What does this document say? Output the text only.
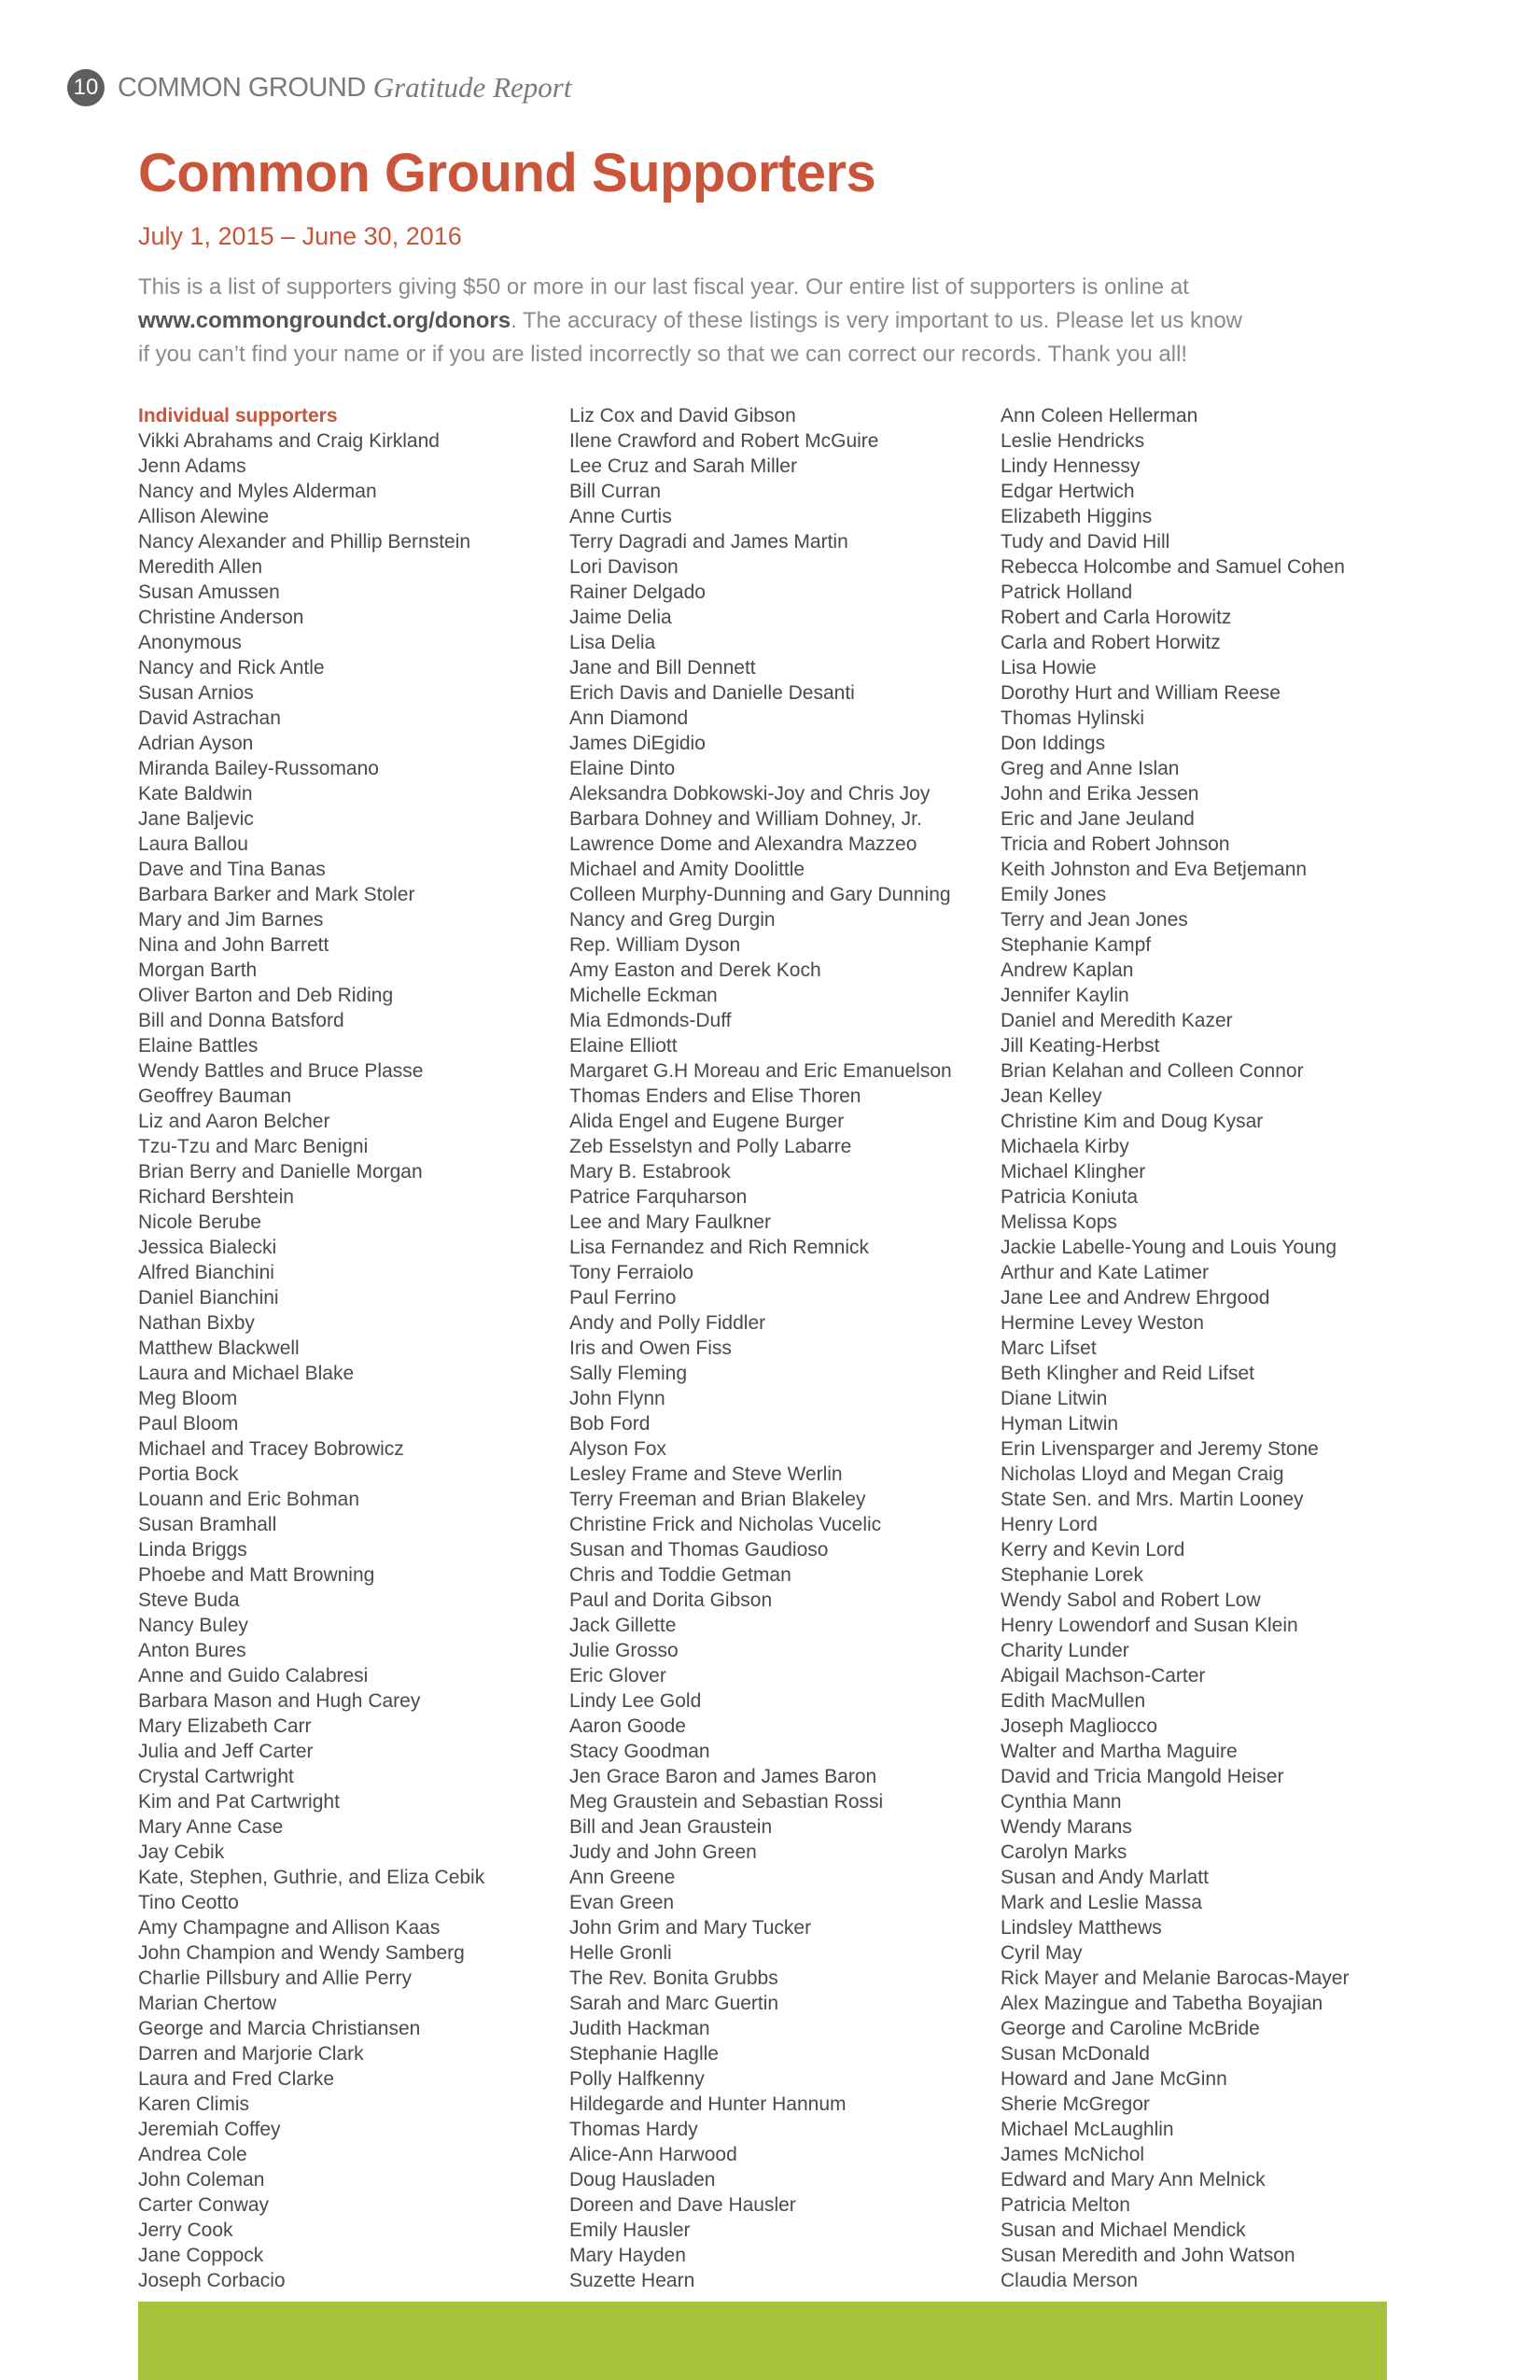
10 COMMON GROUND Gratitude Report
Common Ground Supporters
July 1, 2015 – June 30, 2016

This is a list of supporters giving $50 or more in our last fiscal year. Our entire list of supporters is online at www.commongroundct.org/donors. The accuracy of these listings is very important to us. Please let us know if you can’t find your name or if you are listed incorrectly so that we can correct our records. Thank you all!

Individual supporters
Vikki Abrahams and Craig Kirkland
Jenn Adams
Nancy and Myles Alderman
Allison Alewine
Nancy Alexander and Phillip Bernstein
Meredith Allen
Susan Amussen
Christine Anderson
Anonymous
Nancy and Rick Antle
Susan Arnios
David Astrachan
Adrian Ayson
Miranda Bailey-Russomano
Kate Baldwin
Jane Baljevic
Laura Ballou
Dave and Tina Banas
Barbara Barker and Mark Stoler
Mary and Jim Barnes
Nina and John Barrett
Morgan Barth
Oliver Barton and Deb Riding
Bill and Donna Batsford
Elaine Battles
Wendy Battles and Bruce Plasse
Geoffrey Bauman
Liz and Aaron Belcher
Tzu-Tzu and Marc Benigni
Brian Berry and Danielle Morgan
Richard Bershtein
Nicole Berube
Jessica Bialecki
Alfred Bianchini
Daniel Bianchini
Nathan Bixby
Matthew Blackwell
Laura and Michael Blake
Meg Bloom
Paul Bloom
Michael and Tracey Bobrowicz
Portia Bock
Louann and Eric Bohman
Susan Bramhall
Linda Briggs
Phoebe and Matt Browning
Steve Buda
Nancy Buley
Anton Bures
Anne and Guido Calabresi
Barbara Mason and Hugh Carey
Mary Elizabeth Carr
Julia and Jeff Carter
Crystal Cartwright
Kim and Pat Cartwright
Mary Anne Case
Jay Cebik
Kate, Stephen, Guthrie, and Eliza Cebik
Tino Ceotto
Amy Champagne and Allison Kaas
John Champion and Wendy Samberg
Charlie Pillsbury and Allie Perry
Marian Chertow
George and Marcia Christiansen
Darren and Marjorie Clark
Laura and Fred Clarke
Karen Climis
Jeremiah Coffey
Andrea Cole
John Coleman
Carter Conway
Jerry Cook
Jane Coppock
Joseph Corbacio
Liz Cox and David Gibson
Ilene Crawford and Robert McGuire
Lee Cruz and Sarah Miller
Bill Curran
Anne Curtis
Terry Dagradi and James Martin
Lori Davison
Rainer Delgado
Jaime Delia
Lisa Delia
Jane and Bill Dennett
Erich Davis and Danielle Desanti
Ann Diamond
James DiEgidio
Elaine Dinto
Aleksandra Dobkowski-Joy and Chris Joy
Barbara Dohney and William Dohney, Jr.
Lawrence Dome and Alexandra Mazzeo
Michael and Amity Doolittle
Colleen Murphy-Dunning and Gary Dunning
Nancy and Greg Durgin
Rep. William Dyson
Amy Easton and Derek Koch
Michelle Eckman
Mia Edmonds-Duff
Elaine Elliott
Margaret G.H Moreau and Eric Emanuelson
Thomas Enders and Elise Thoren
Alida Engel and Eugene Burger
Zeb Esselstyn and Polly Labarre
Mary B. Estabrook
Patrice Farquharson
Lee and Mary Faulkner
Lisa Fernandez and Rich Remnick
Tony Ferraiolo
Paul Ferrino
Andy and Polly Fiddler
Iris and Owen Fiss
Sally Fleming
John Flynn
Bob Ford
Alyson Fox
Lesley Frame and Steve Werlin
Terry Freeman and Brian Blakeley
Christine Frick and Nicholas Vucelic
Susan and Thomas Gaudioso
Chris and Toddie Getman
Paul and Dorita Gibson
Jack Gillette
Julie Grosso
Eric Glover
Lindy Lee Gold
Aaron Goode
Stacy Goodman
Jen Grace Baron and James Baron
Meg Graustein and Sebastian Rossi
Bill and Jean Graustein
Judy and John Green
Ann Greene
Evan Green
John Grim and Mary Tucker
Helle Gronli
The Rev. Bonita Grubbs
Sarah and Marc Guertin
Judith Hackman
Stephanie Haglle
Polly Halfkenny
Hildegarde and Hunter Hannum
Thomas Hardy
Alice-Ann Harwood
Doug Hausladen
Doreen and Dave Hausler
Emily Hausler
Mary Hayden
Suzette Hearn
Ann Coleen Hellerman
Leslie Hendricks
Lindy Hennessy
Edgar Hertwich
Elizabeth Higgins
Tudy and David Hill
Rebecca Holcombe and Samuel Cohen
Patrick Holland
Robert and Carla Horowitz
Carla and Robert Horwitz
Lisa Howie
Dorothy Hurt and William Reese
Thomas Hylinski
Don Iddings
Greg and Anne Islan
John and Erika Jessen
Eric and Jane Jeuland
Tricia and Robert Johnson
Keith Johnston and Eva Betjemann
Emily Jones
Terry and Jean Jones
Stephanie Kampf
Andrew Kaplan
Jennifer Kaylin
Daniel and Meredith Kazer
Jill Keating-Herbst
Brian Kelahan and Colleen Connor
Jean Kelley
Christine Kim and Doug Kysar
Michaela Kirby
Michael Klingher
Patricia Koniuta
Melissa Kops
Jackie Labelle-Young and Louis Young
Arthur and Kate Latimer
Jane Lee and Andrew Ehrgood
Hermine Levey Weston
Marc Lifset
Beth Klingher and Reid Lifset
Diane Litwin
Hyman Litwin
Erin Livensparger and Jeremy Stone
Nicholas Lloyd and Megan Craig
State Sen. and Mrs. Martin Looney
Henry Lord
Kerry and Kevin Lord
Stephanie Lorek
Wendy Sabol and Robert Low
Henry Lowendorf and Susan Klein
Charity Lunder
Abigail Machson-Carter
Edith MacMullen
Joseph Magliocco
Walter and Martha Maguire
David and Tricia Mangold Heiser
Cynthia Mann
Wendy Marans
Carolyn Marks
Susan and Andy Marlatt
Mark and Leslie Massa
Lindsley Matthews
Cyril May
Rick Mayer and Melanie Barocas-Mayer
Alex Mazingue and Tabetha Boyajian
George and Caroline McBride
Susan McDonald
Howard and Jane McGinn
Sherie McGregor
Michael McLaughlin
James McNichol
Edward and Mary Ann Melnick
Patricia Melton
Susan and Michael Mendick
Susan Meredith and John Watson
Claudia Merson
